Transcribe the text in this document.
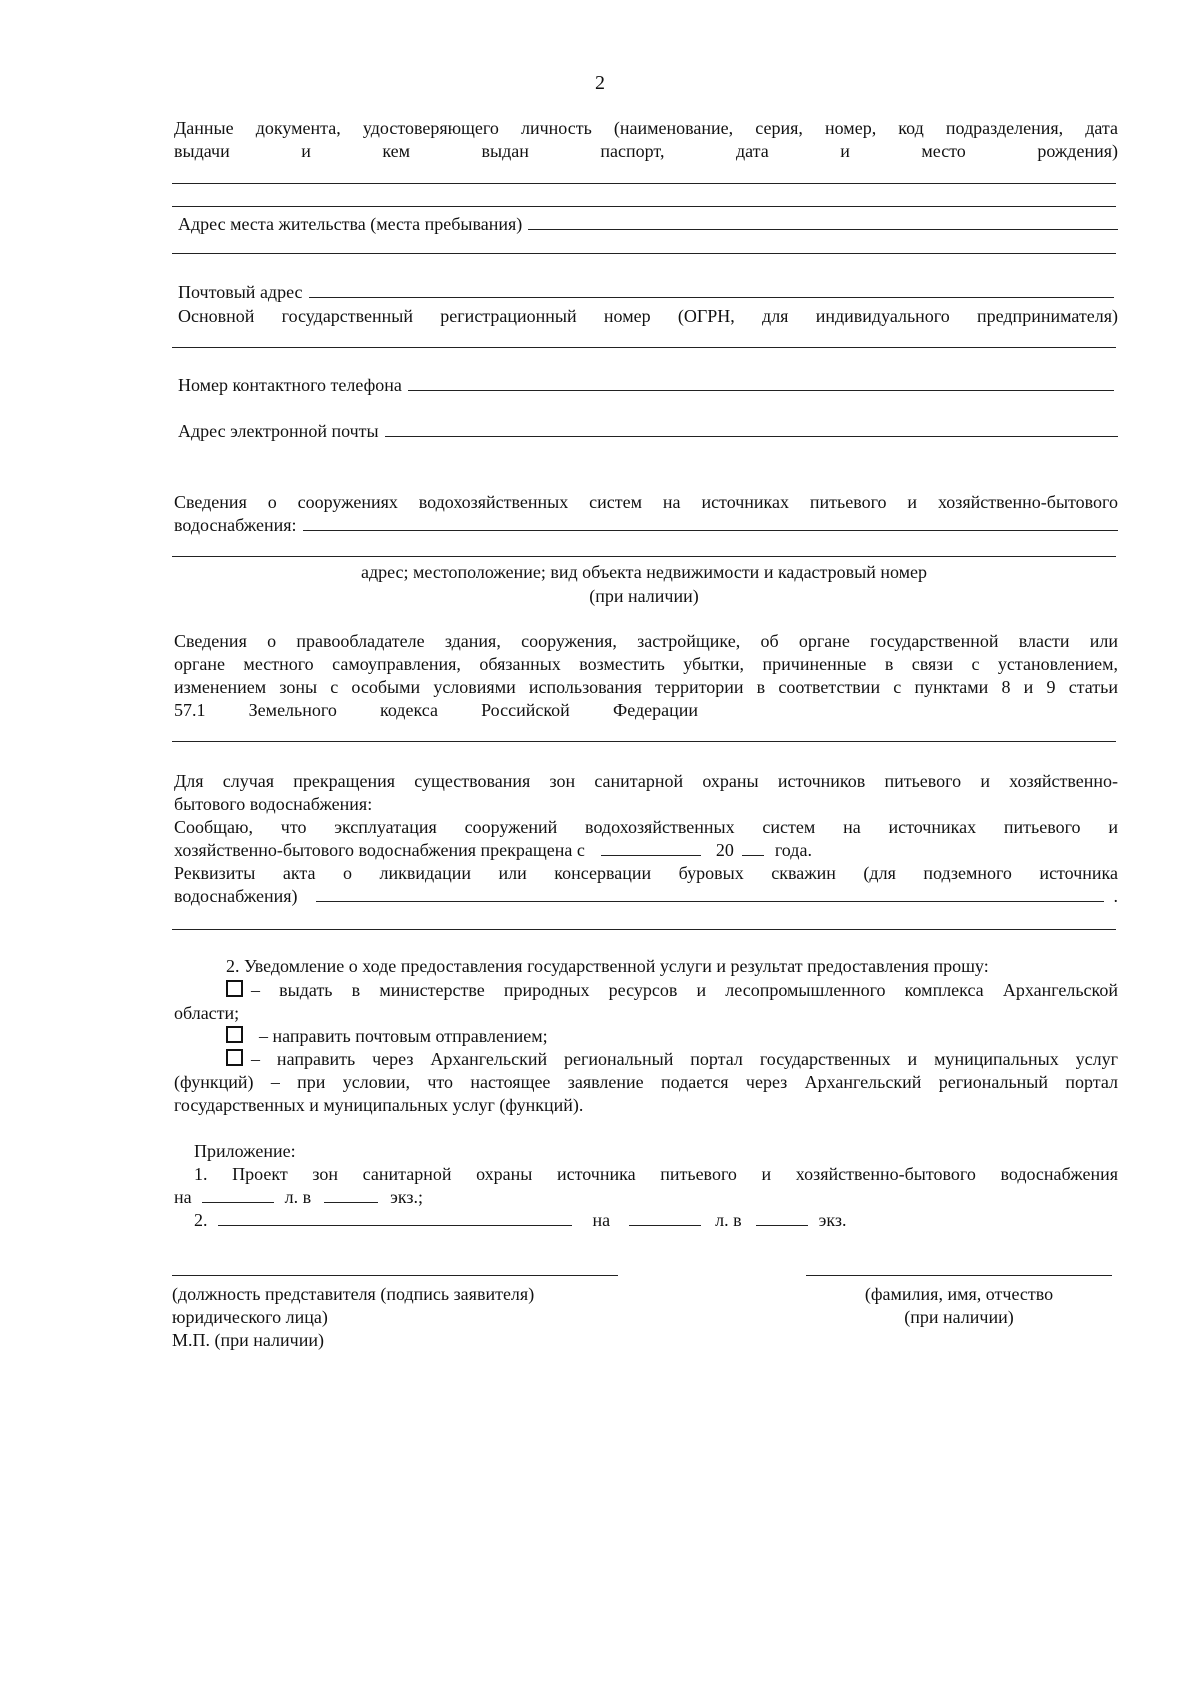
2
Данные документа, удостоверяющего личность (наименование, серия, номер, код подразделения, дата
выдачи и кем выдан паспорт, дата и место рождения)
Адрес места жительства (места пребывания)
Почтовый адрес
Основной государственный регистрационный номер (ОГРН, для индивидуального предпринимателя)
Номер контактного телефона
Адрес электронной почты
Сведения о сооружениях водохозяйственных систем на источниках питьевого и хозяйственно-бытового
водоснабжения:
адрес; местоположение; вид объекта недвижимости и кадастровый номер
(при наличии)
Сведения о правообладателе здания, сооружения, застройщике, об органе государственной власти или
органе местного самоуправления, обязанных возместить убытки, причиненные в связи с установлением,
изменением зоны с особыми условиями использования территории в соответствии с пунктами 8 и 9 статьи
57.1 Земельного кодекса Российской Федерации
Для случая прекращения существования зон санитарной охраны источников питьевого и хозяйственно-
бытового водоснабжения:
Сообщаю, что эксплуатация сооружений водохозяйственных систем на источниках питьевого и
хозяйственно-бытового водоснабжения прекращена с	20 года.
Реквизиты акта о ликвидации или консервации буровых скважин (для подземного источника
водоснабжения)	.
2. Уведомление о ходе предоставления государственной услуги и результат предоставления прошу:
– выдать в министерстве природных ресурсов и лесопромышленного комплекса Архангельской
области;
– направить почтовым отправлением;
– направить через Архангельский региональный портал государственных и муниципальных услуг
(функций) – при условии, что настоящее заявление подается через Архангельский региональный портал
государственных и муниципальных услуг (функций).
Приложение:
1. Проект зон санитарной охраны источника питьевого и хозяйственно-бытового водоснабжения
на	л. в	экз.;
2.	на	л. в	экз.
(должность представителя (подпись заявителя)
юридического лица)
М.П. (при наличии)
(фамилия, имя, отчество
(при наличии)
